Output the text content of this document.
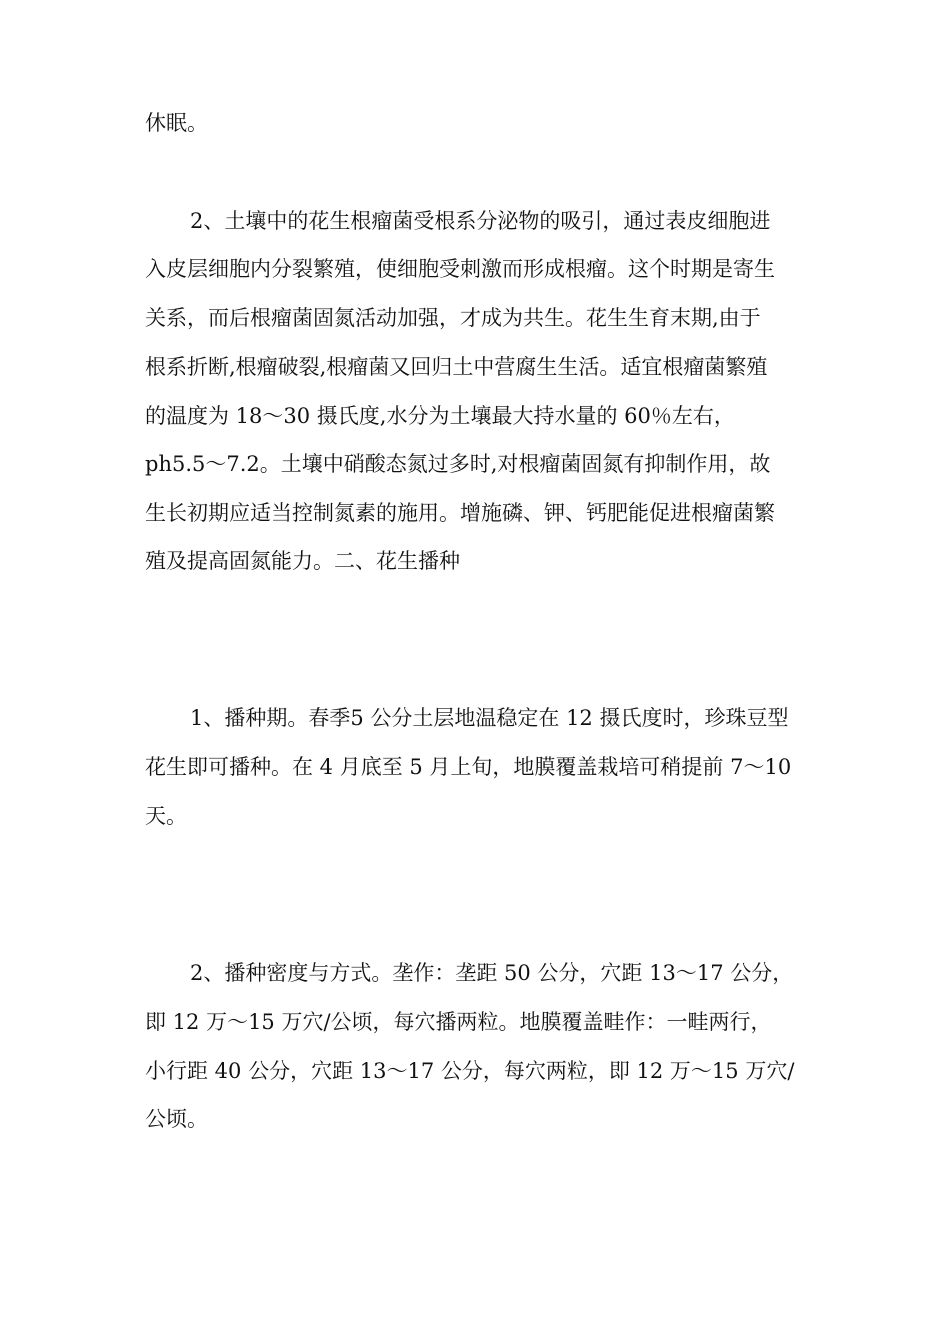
休眠。
2、土壤中的花生根瘤菌受根系分泌物的吸引，通过表皮细胞进
入皮层细胞内分裂繁殖，使细胞受刺激而形成根瘤。这个时期是寄生
关系，而后根瘤菌固氮活动加强，才成为共生。花生生育末期,由于
根系折断,根瘤破裂,根瘤菌又回归土中营腐生生活。适宜根瘤菌繁殖
的温度为 18～30 摄氏度,水分为土壤最大持水量的 60％左右，
ph5.5～7.2。土壤中硝酸态氮过多时,对根瘤菌固氮有抑制作用，故
生长初期应适当控制氮素的施用。增施磷、钾、钙肥能促进根瘤菌繁
殖及提高固氮能力。二、花生播种
1、播种期。春季5 公分土层地温稳定在 12 摄氏度时，珍珠豆型
花生即可播种。在 4 月底至 5 月上旬，地膜覆盖栽培可稍提前 7～10
天。
2、播种密度与方式。垄作：垄距 50 公分，穴距 13～17 公分，
即 12 万～15 万穴/公顷，每穴播两粒。地膜覆盖畦作：一畦两行，
小行距 40 公分，穴距 13～17 公分，每穴两粒，即 12 万～15 万穴/
公顷。
